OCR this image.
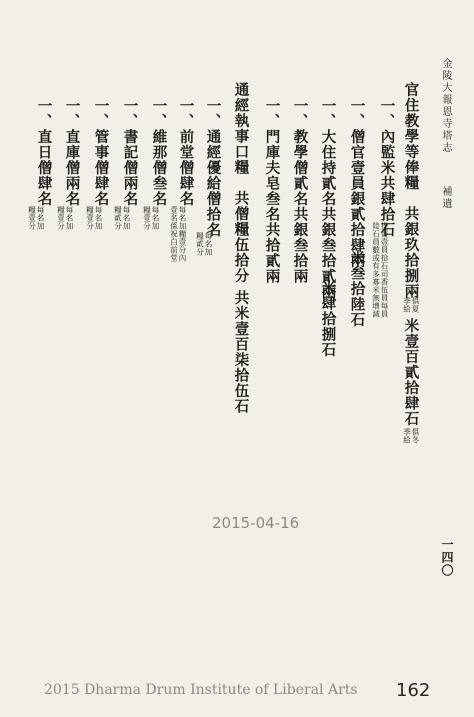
金陵大報恩寺塔志
補遺
官住教學等俸糧　共銀玖拾捌兩
俱夏
季給
米壹百貳拾肆石
俱冬
季給
一、內監米共肆拾石
提督壹員拾石司香伍員每員
陸石員數或有多寡米無增減
一、僧官壹員銀貳拾肆兩
米叁拾陸石
一、大住持貳名共銀叁拾貳兩
米肆拾捌石
一、教學僧貳名共銀叁拾兩
一、門庫夫皂叁名共拾貳兩
通經執事口糧　共僧糧伍拾分
共米壹百柒拾伍石
一、通經優給僧拾名
每名加
糧貳分
一、前堂僧肆名
每名加糧壹分內
壹名係祝白前堂
一、維那僧叁名
每名加
糧壹分
一、書記僧兩名
每名加
糧貳分
一、管事僧肆名
每名加
糧壹分
一、直庫僧兩名
每名加
糧壹分
一、直日僧肆名
每名加
糧壹分
一四〇
2015-04-16
2015 Dharma Drum Institute of Liberal Arts 162
